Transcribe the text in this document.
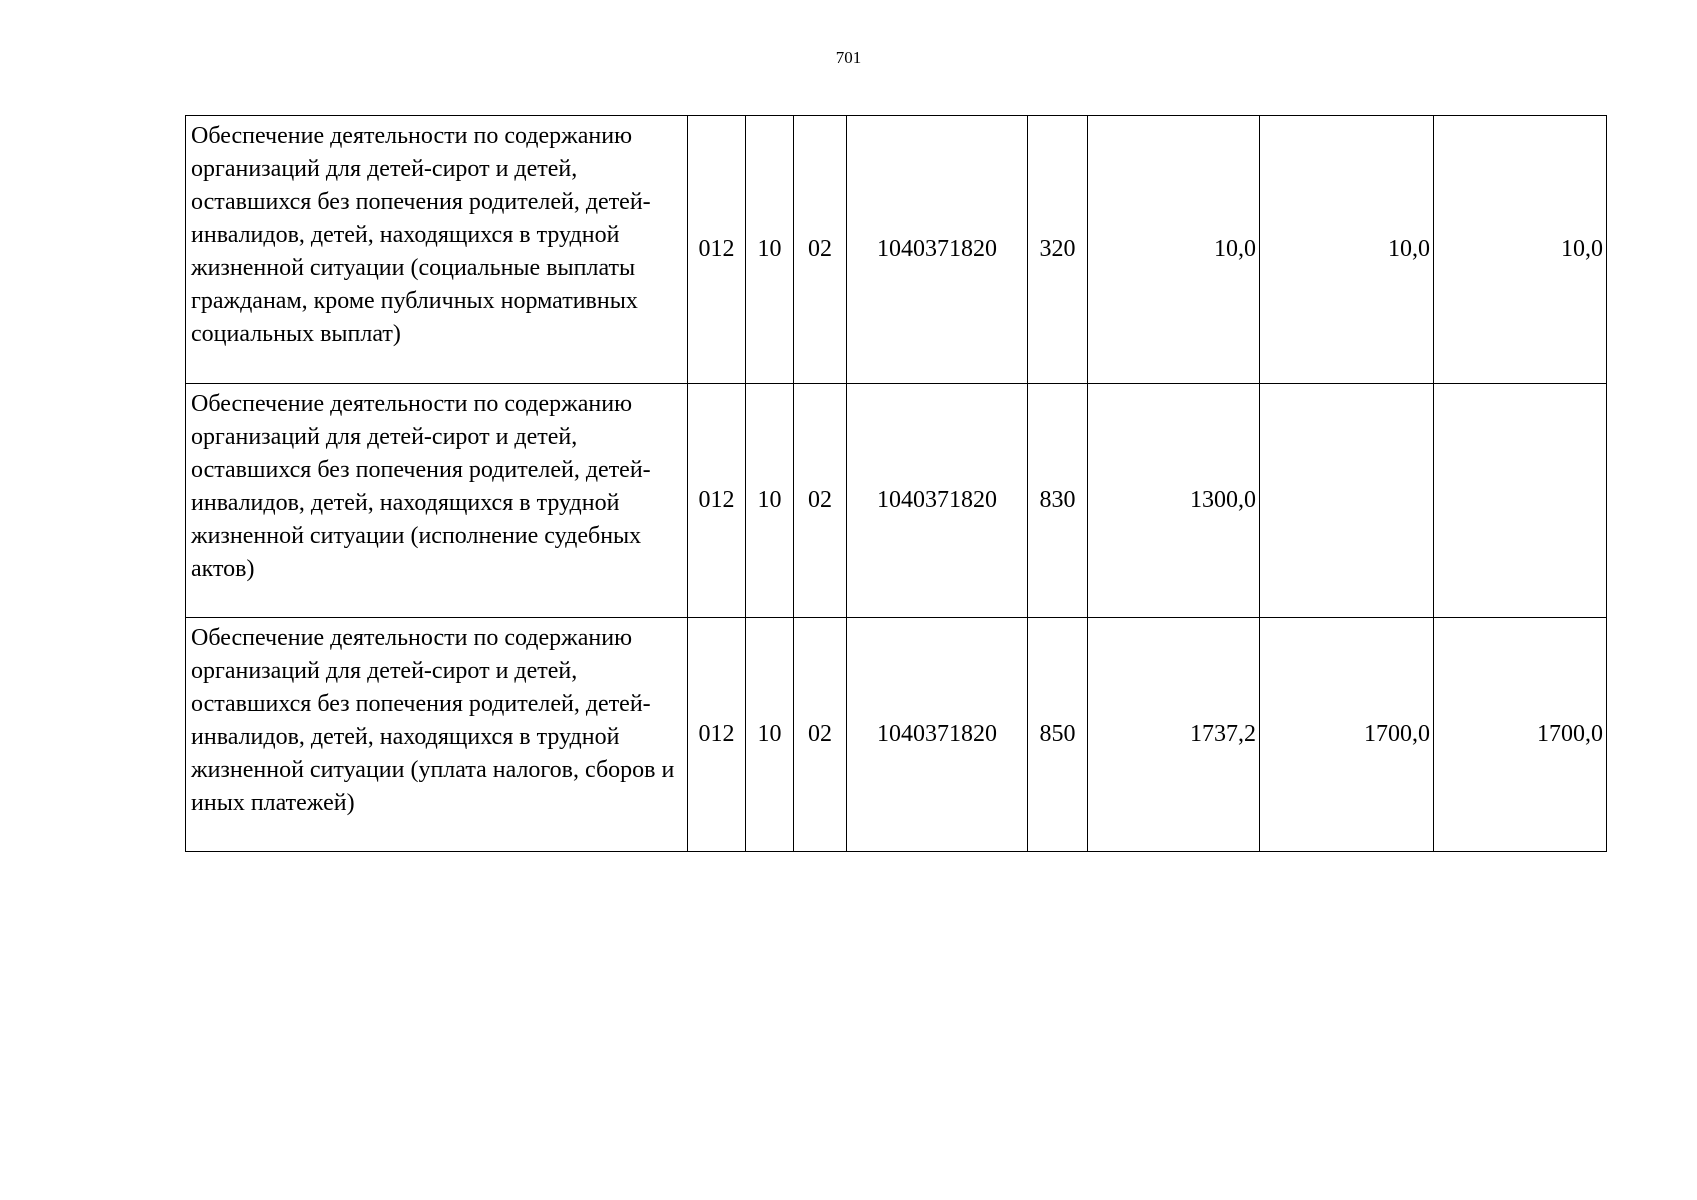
701
Обеспечение деятельности по содержанию организаций для детей-сирот и детей, оставшихся без попечения родителей, детей-инвалидов, детей, находящихся в трудной жизненной ситуации (социальные выплаты гражданам, кроме публичных нормативных социальных выплат)	012	10	02	1040371820	320	10,0	10,0	10,0
Обеспечение деятельности по содержанию организаций для детей-сирот и детей, оставшихся без попечения родителей, детей-инвалидов, детей, находящихся в трудной жизненной ситуации (исполнение судебных актов)	012	10	02	1040371820	830	1300,0		
Обеспечение деятельности по содержанию организаций для детей-сирот и детей, оставшихся без попечения родителей, детей-инвалидов, детей, находящихся в трудной жизненной ситуации (уплата налогов, сборов и иных платежей)	012	10	02	1040371820	850	1737,2	1700,0	1700,0
